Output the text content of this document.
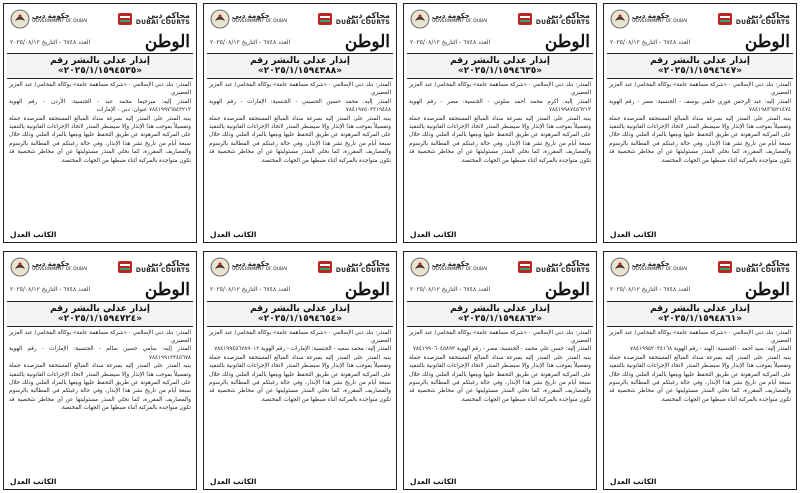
محاكم دبي
DUBAI COURTS
حكومة دبي
GOVERNMENT OF DUBAI
الوطن
العدد ٦٧٤٨ - التاريخ ٢٠٢٥/٠٨/١٢
إنذار عدلي بالنشر رقم «٢٠٢٥/١/١٥٩٤٥٣٥»

المنذر: بنك دبي الإسلامي - «شركة مساهمة عامة» بوكالة المحامي/ عبد العزيز العضيري

المنذر إليه: ميرجيما محمد عبد - الجنسية: الأردن - رقم الهوية ٧٨٤١٩٩٧٦٥٤٣٢١٢ عنوان: دبي - الإمارات

ينبه المنذر على المنذر إليه بسرعة سداد المبالغ المستحقة المترصدة جملة وتفصيلاً بموجب هذا الإنذار وإلا سيضطر المنذر لاتخاذ الإجراءات القانونية بالتنفيذ على المركبة المرهونة عن طريق التحفظ عليها وبيعها بالمزاد العلني وذلك خلال سبعة أيام من تاريخ نشر هذا الإنذار، وفي حالة رغبتكم في المطالبة بالرسوم والمصاريف المقررة، كما نخلي المنذر مسئوليتها عن أي مخاطر شخصية قد تكون متواجدة بالمركبة أثناء ضبطها من الجهات المختصة.

الكاتب العدل
محاكم دبي
DUBAI COURTS
حكومة دبي
GOVERNMENT OF DUBAI
الوطن
العدد ٦٧٤٨ - التاريخ ٢٠٢٥/٠٨/١٢
إنذار عدلي بالنشر رقم «٢٠٢٥/١/١٥٩٤٣٨٨»

المنذر: بنك دبي الإسلامي - «شركة مساهمة عامة» بوكالة المحامي/ عبد العزيز العضيري

المنذر إليه: محمد حسين الحسيني - الجنسية: الإمارات - رقم الهوية ٧٨٤١٩٧٥٠٣٢١٩٤٤٨

ينبه المنذر على المنذر إليه بسرعة سداد المبالغ المستحقة المترصدة جملة وتفصيلاً بموجب هذا الإنذار وإلا سيضطر المنذر لاتخاذ الإجراءات القانونية بالتنفيذ على المركبة المرهونة عن طريق التحفظ عليها وبيعها بالمزاد العلني وذلك خلال سبعة أيام من تاريخ نشر هذا الإنذار، وفي حالة رغبتكم في المطالبة بالرسوم والمصاريف المقررة، كما نخلي المنذر مسئوليتها عن أي مخاطر شخصية قد تكون متواجدة بالمركبة أثناء ضبطها من الجهات المختصة.

الكاتب العدل
محاكم دبي
DUBAI COURTS
حكومة دبي
GOVERNMENT OF DUBAI
الوطن
العدد ٦٧٤٨ - التاريخ ٢٠٢٥/٠٨/١٢
إنذار عدلي بالنشر رقم «٢٠٢٥/١/١٥٩٤٦٣٥»

المنذر: بنك دبي الإسلامي - «شركة مساهمة عامة» بوكالة المحامي/ عبد العزيز العضيري

المنذر إليه: أكرم محمد أحمد سلوني - الجنسية: مصر - رقم الهوية ٧٨٤١٩٩٨٧٤٥٦٢١٣

ينبه المنذر على المنذر إليه بسرعة سداد المبالغ المستحقة المترصدة جملة وتفصيلاً بموجب هذا الإنذار وإلا سيضطر المنذر لاتخاذ الإجراءات القانونية بالتنفيذ على المركبة المرهونة عن طريق التحفظ عليها وبيعها بالمزاد العلني وذلك خلال سبعة أيام من تاريخ نشر هذا الإنذار، وفي حالة رغبتكم في المطالبة بالرسوم والمصاريف المقررة، كما نخلي المنذر مسئوليتها عن أي مخاطر شخصية قد تكون متواجدة بالمركبة أثناء ضبطها من الجهات المختصة.

الكاتب العدل
محاكم دبي
DUBAI COURTS
حكومة دبي
GOVERNMENT OF DUBAI
الوطن
العدد ٦٧٤٨ - التاريخ ٢٠٢٥/٠٨/١٢
إنذار عدلي بالنشر رقم «٢٠٢٥/١/١٥٩٤٦٤٧»

المنذر: بنك دبي الإسلامي - «شركة مساهمة عامة» بوكالة المحامي/ عبد العزيز العضيري

المنذر إليه: عبد الرحمن فوزي حلمي يوسف - الجنسية: مصر - رقم الهوية ٧٨٤١٩٨٣٦٥٢١٤٧٤

ينبه المنذر على المنذر إليه بسرعة سداد المبالغ المستحقة المترصدة جملة وتفصيلاً بموجب هذا الإنذار وإلا سيضطر المنذر لاتخاذ الإجراءات القانونية بالتنفيذ على المركبة المرهونة عن طريق التحفظ عليها وبيعها بالمزاد العلني وذلك خلال سبعة أيام من تاريخ نشر هذا الإنذار، وفي حالة رغبتكم في المطالبة بالرسوم والمصاريف المقررة، كما نخلي المنذر مسئوليتها عن أي مخاطر شخصية قد تكون متواجدة بالمركبة أثناء ضبطها من الجهات المختصة.

الكاتب العدل
محاكم دبي
DUBAI COURTS
حكومة دبي
GOVERNMENT OF DUBAI
الوطن
العدد ٦٧٤٨ - التاريخ ٢٠٢٥/٠٨/١٢
إنذار عدلي بالنشر رقم «٢٠٢٥/١/١٥٩٤٧٢٤»

المنذر: بنك دبي الإسلامي - «شركة مساهمة عامة» بوكالة المحامي/ عبد العزيز العضيري

المنذر إليه: سامي حسين سالم - الجنسية: الإمارات - رقم الهوية ٧٨٤١٩٩١٢٣٤٥٦٧٨

ينبه المنذر على المنذر إليه بسرعة سداد المبالغ المستحقة المترصدة جملة وتفصيلاً بموجب هذا الإنذار وإلا سيضطر المنذر لاتخاذ الإجراءات القانونية بالتنفيذ على المركبة المرهونة عن طريق التحفظ عليها وبيعها بالمزاد العلني وذلك خلال سبعة أيام من تاريخ نشر هذا الإنذار، وفي حالة رغبتكم في المطالبة بالرسوم والمصاريف المقررة، كما نخلي المنذر مسئوليتها عن أي مخاطر شخصية قد تكون متواجدة بالمركبة أثناء ضبطها من الجهات المختصة.

الكاتب العدل
محاكم دبي
DUBAI COURTS
حكومة دبي
GOVERNMENT OF DUBAI
الوطن
العدد ٦٧٤٨ - التاريخ ٢٠٢٥/٠٨/١٢
إنذار عدلي بالنشر رقم «٢٠٢٥/١/١٥٩٤٦٥٤»

المنذر: بنك دبي الإسلامي - «شركة مساهمة عامة» بوكالة المحامي/ عبد العزيز العضيري

المنذر إليه: محمد سعيد - الجنسية: الإمارات - رقم الهوية ٧٨٤١٩٩٤٥٦٧٨٩٠١٢

ينبه المنذر على المنذر إليه بسرعة سداد المبالغ المستحقة المترصدة جملة وتفصيلاً بموجب هذا الإنذار وإلا سيضطر المنذر لاتخاذ الإجراءات القانونية بالتنفيذ على المركبة المرهونة عن طريق التحفظ عليها وبيعها بالمزاد العلني وذلك خلال سبعة أيام من تاريخ نشر هذا الإنذار، وفي حالة رغبتكم في المطالبة بالرسوم والمصاريف المقررة، كما نخلي المنذر مسئوليتها عن أي مخاطر شخصية قد تكون متواجدة بالمركبة أثناء ضبطها من الجهات المختصة.

الكاتب العدل
محاكم دبي
DUBAI COURTS
حكومة دبي
GOVERNMENT OF DUBAI
الوطن
العدد ٦٧٤٨ - التاريخ ٢٠٢٥/٠٨/١٢
إنذار عدلي بالنشر رقم «٢٠٢٥/١/١٥٩٤٨٦٢»

المنذر: بنك دبي الإسلامي - «شركة مساهمة عامة» بوكالة المحامي/ عبد العزيز العضيري

المنذر إليه: حسن علي محمد - الجنسية: مصر - رقم الهوية ٧٨٤١٩٩٠٦٠٤٥٨٩٣

ينبه المنذر على المنذر إليه بسرعة سداد المبالغ المستحقة المترصدة جملة وتفصيلاً بموجب هذا الإنذار وإلا سيضطر المنذر لاتخاذ الإجراءات القانونية بالتنفيذ على المركبة المرهونة عن طريق التحفظ عليها وبيعها بالمزاد العلني وذلك خلال سبعة أيام من تاريخ نشر هذا الإنذار، وفي حالة رغبتكم في المطالبة بالرسوم والمصاريف المقررة، كما نخلي المنذر مسئوليتها عن أي مخاطر شخصية قد تكون متواجدة بالمركبة أثناء ضبطها من الجهات المختصة.

الكاتب العدل
محاكم دبي
DUBAI COURTS
حكومة دبي
GOVERNMENT OF DUBAI
الوطن
العدد ٦٧٤٨ - التاريخ ٢٠٢٥/٠٨/١٢
إنذار عدلي بالنشر رقم «٢٠٢٥/١/١٥٩٤٨٦١»

المنذر: بنك دبي الإسلامي - «شركة مساهمة عامة» بوكالة المحامي/ عبد العزيز العضيري

المنذر إليه: سيد أحمد - الجنسية: الهند - رقم الهوية ٧٨٤١٩٩٥٢٠٣٤١٦٨

ينبه المنذر على المنذر إليه بسرعة سداد المبالغ المستحقة المترصدة جملة وتفصيلاً بموجب هذا الإنذار وإلا سيضطر المنذر لاتخاذ الإجراءات القانونية بالتنفيذ على المركبة المرهونة عن طريق التحفظ عليها وبيعها بالمزاد العلني وذلك خلال سبعة أيام من تاريخ نشر هذا الإنذار، وفي حالة رغبتكم في المطالبة بالرسوم والمصاريف المقررة، كما نخلي المنذر مسئوليتها عن أي مخاطر شخصية قد تكون متواجدة بالمركبة أثناء ضبطها من الجهات المختصة.

الكاتب العدل
